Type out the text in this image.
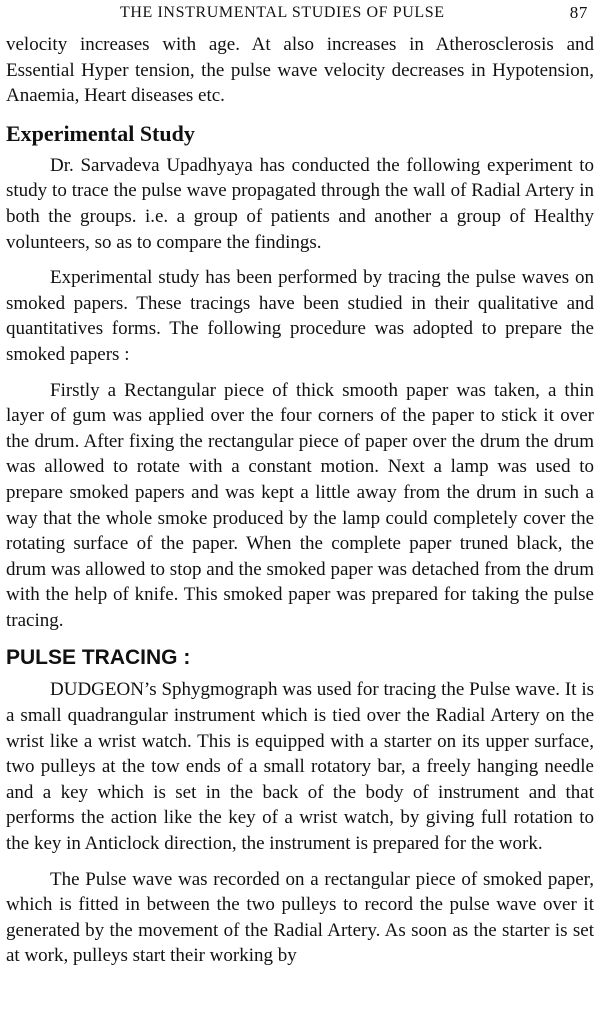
THE INSTRUMENTAL STUDIES OF PULSE	87

velocity increases with age. At also increases in Atherosclerosis and Essential Hyper tension, the pulse wave velocity decreases in Hypotension, Anaemia, Heart diseases etc.

Experimental Study

Dr. Sarvadeva Upadhyaya has conducted the following experiment to study to trace the pulse wave propagated through the wall of Radial Artery in both the groups. i.e. a group of patients and another a group of Healthy volunteers, so as to compare the findings.

Experimental study has been performed by tracing the pulse waves on smoked papers. These tracings have been studied in their qualitative and quantitatives forms. The following procedure was adopted to prepare the smoked papers :

Firstly a Rectangular piece of thick smooth paper was taken, a thin layer of gum was applied over the four corners of the paper to stick it over the drum. After fixing the rectangular piece of paper over the drum the drum was allowed to rotate with a constant motion. Next a lamp was used to prepare smoked papers and was kept a little away from the drum in such a way that the whole smoke produced by the lamp could completely cover the rotating surface of the paper. When the complete paper truned black, the drum was allowed to stop and the smoked paper was detached from the drum with the help of knife. This smoked paper was prepared for taking the pulse tracing.

PULSE TRACING :

DUDGEON’s Sphygmograph was used for tracing the Pulse wave. It is a small quadrangular instrument which is tied over the Radial Artery on the wrist like a wrist watch. This is equipped with a starter on its upper surface, two pulleys at the tow ends of a small rotatory bar, a freely hanging needle and a key which is set in the back of the body of instrument and that performs the action like the key of a wrist watch, by giving full rotation to the key in Anticlock direction, the instrument is prepared for the work.

The Pulse wave was recorded on a rectangular piece of smoked paper, which is fitted in between the two pulleys to record the pulse wave over it generated by the movement of the Radial Artery. As soon as the starter is set at work, pulleys start their working by
